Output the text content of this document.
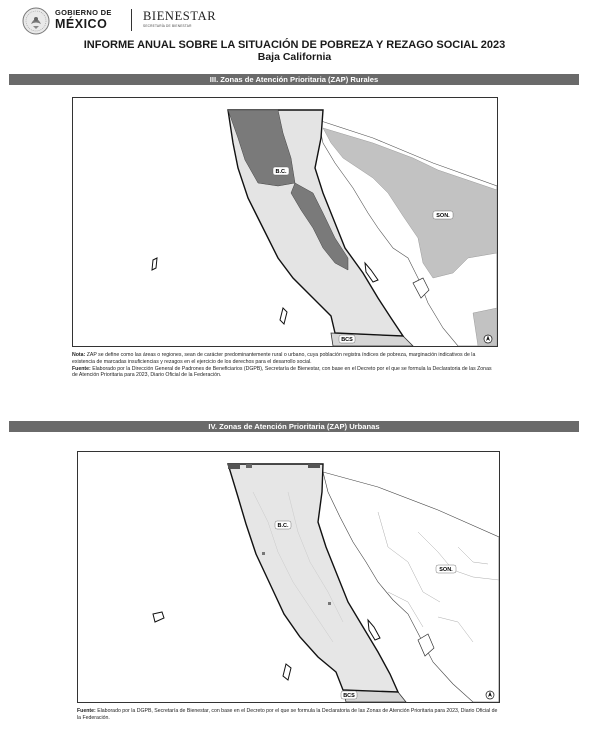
GOBIERNO DE
MÉXICO
BIENESTAR
SECRETARÍA DE BIENESTAR
INFORME ANUAL SOBRE LA SITUACIÓN DE POBREZA Y REZAGO SOCIAL 2023
Baja California
III. Zonas de Atención Prioritaria (ZAP) Rurales
B.C.
SON.
BCS
Nota: ZAP se define como las áreas o regiones, sean de carácter predominantemente rural o urbano, cuya población registra índices de pobreza, marginación indicativos de la existencia de marcadas insuficiencias y rezagos en el ejercicio de los derechos para el desarrollo social.
Fuente: Elaborado por la Dirección General de Padrones de Beneficiarios (DGPB), Secretaría de Bienestar, con base en el Decreto por el que se formula la Declaratoria de las Zonas de Atención Prioritaria para 2023, Diario Oficial de la Federación.
IV. Zonas de Atención Prioritaria (ZAP) Urbanas
B.C.
SON.
BCS
Fuente: Elaborado por la DGPB, Secretaría de Bienestar, con base en el Decreto por el que se formula la Declaratoria de las Zonas de Atención Prioritaria para 2023, Diario Oficial de la Federación.
